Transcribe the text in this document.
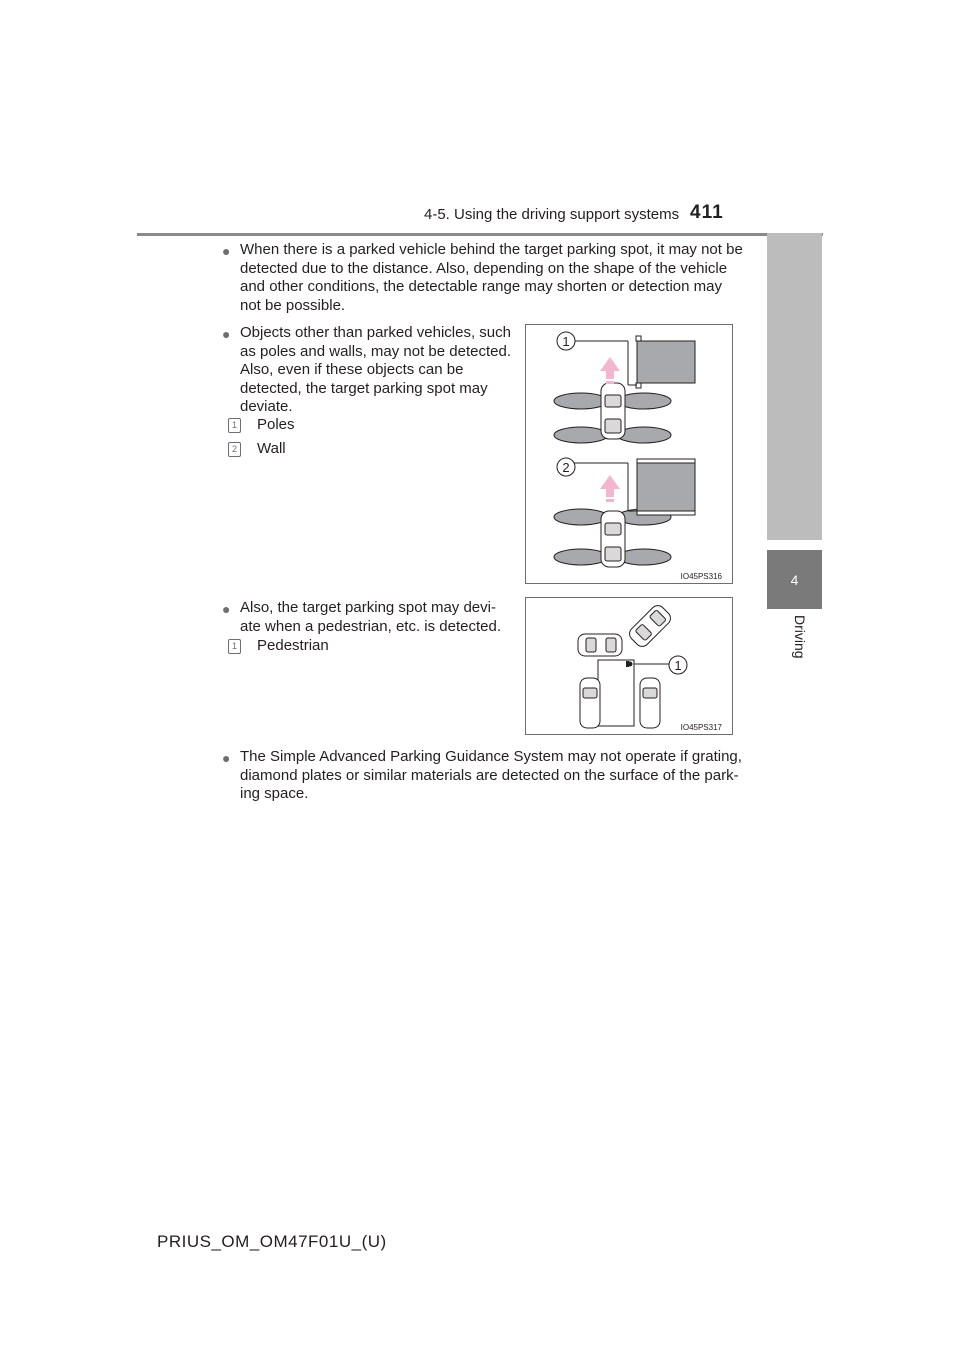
4-5. Using the driving support systems 411
4
Driving
● When there is a parked vehicle behind the target parking spot, it may not be
detected due to the distance. Also, depending on the shape of the vehicle
and other conditions, the detectable range may shorten or detection may
not be possible.
● Objects other than parked vehicles, such
as poles and walls, may not be detected.
Also, even if these objects can be
detected, the target parking spot may
deviate.
1 Poles
2 Wall
1
2
IO45PS316
● Also, the target parking spot may devi-
ate when a pedestrian, etc. is detected.
1 Pedestrian
1
IO45PS317
● The Simple Advanced Parking Guidance System may not operate if grating,
diamond plates or similar materials are detected on the surface of the park-
ing space.
PRIUS_OM_OM47F01U_(U)
